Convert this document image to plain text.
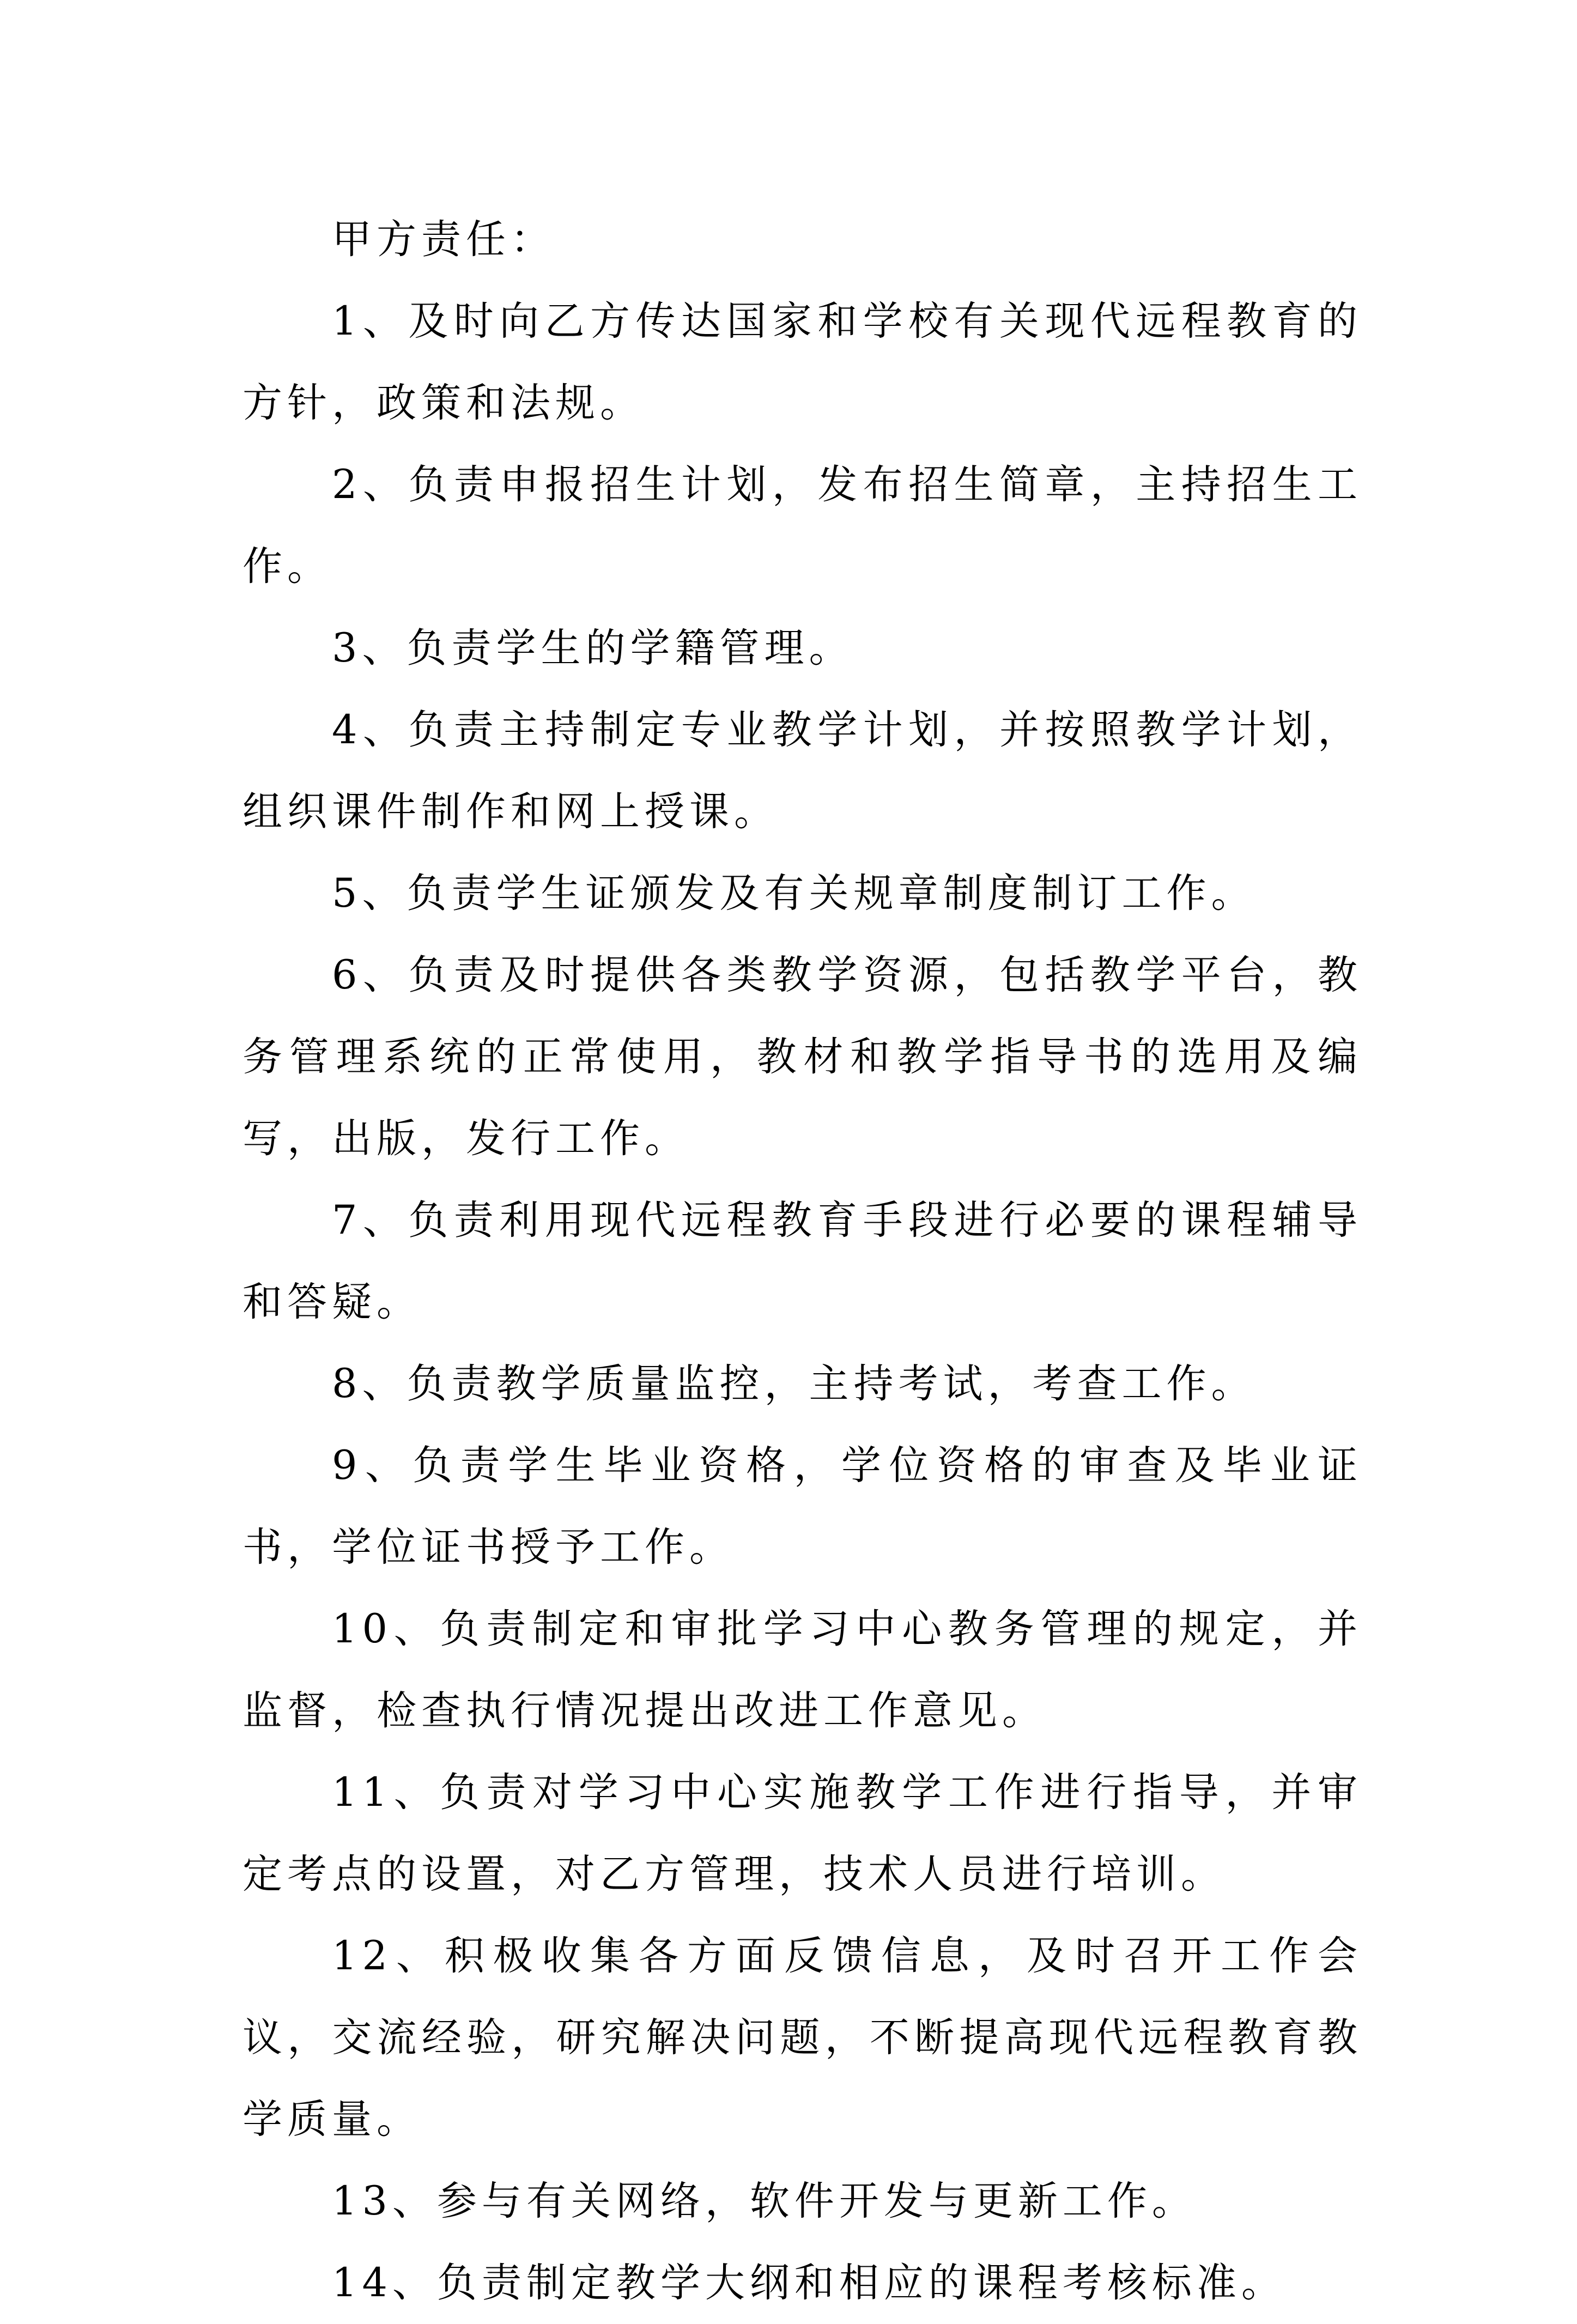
甲方责任：

1、及时向乙方传达国家和学校有关现代远程教育的方针，政策和法规。

2、负责申报招生计划，发布招生简章，主持招生工作。

3、负责学生的学籍管理。

4、负责主持制定专业教学计划，并按照教学计划，组织课件制作和网上授课。

5、负责学生证颁发及有关规章制度制订工作。

6、负责及时提供各类教学资源，包括教学平台，教务管理系统的正常使用，教材和教学指导书的选用及编写，出版，发行工作。

7、负责利用现代远程教育手段进行必要的课程辅导和答疑。

8、负责教学质量监控，主持考试，考查工作。

9、负责学生毕业资格，学位资格的审查及毕业证书，学位证书授予工作。

10、负责制定和审批学习中心教务管理的规定，并监督，检查执行情况提出改进工作意见。

11、负责对学习中心实施教学工作进行指导，并审定考点的设置，对乙方管理，技术人员进行培训。

12、积极收集各方面反馈信息，及时召开工作会议，交流经验，研究解决问题，不断提高现代远程教育教学质量。

13、参与有关网络，软件开发与更新工作。

14、负责制定教学大纲和相应的课程考核标准。
